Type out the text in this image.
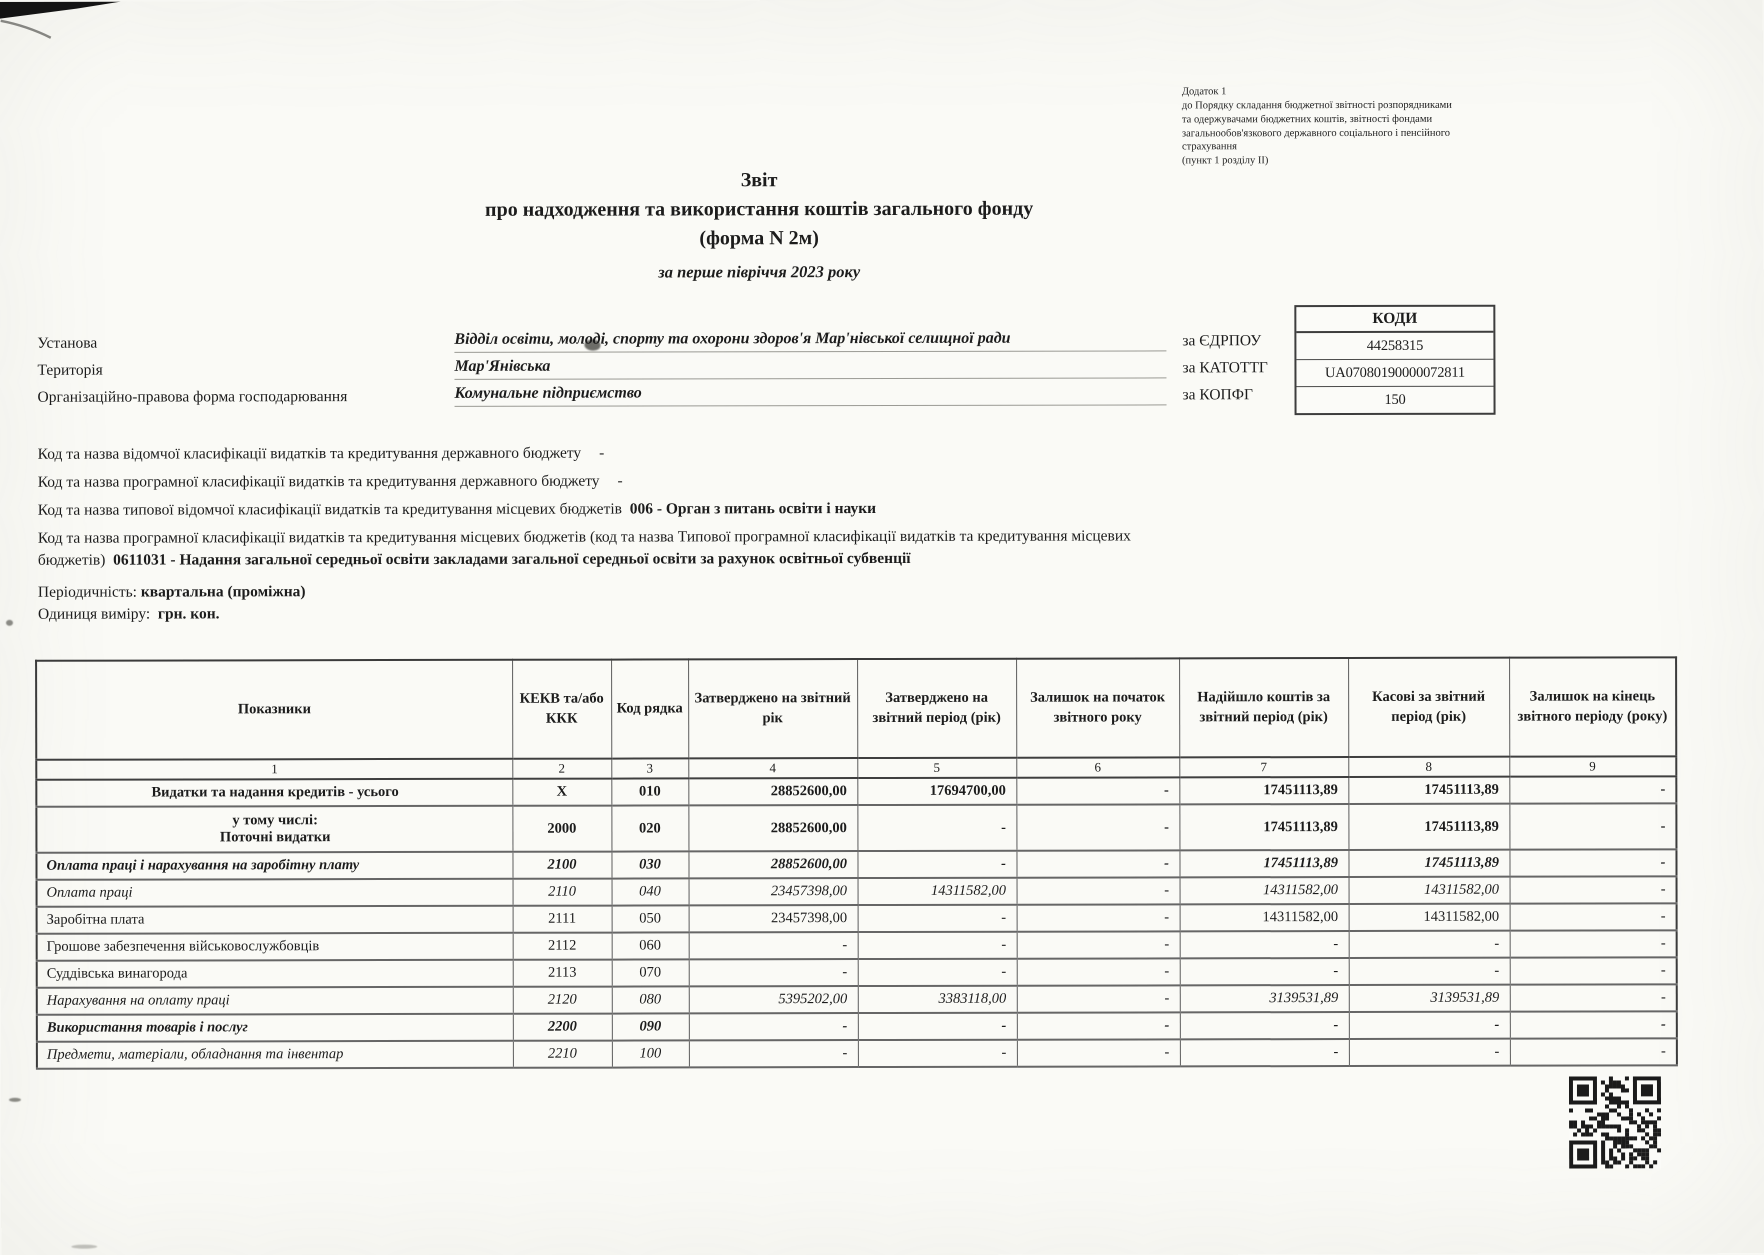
Додаток 1
до Порядку складання бюджетної звітності розпорядниками
та одержувачами бюджетних коштів, звітності фондами
загальнообов'язкового державного соціального і пенсійного
страхування
(пункт 1 розділу ІІ)
Звіт
про надходження та використання коштів загального фонду
(форма N 2м)
за перше півріччя 2023 року
Установа	Відділ освіти, молоді, спорту та охорони здоров'я Мар'нівської селищної ради	за ЄДРПОУ
Територія	Мар'Янівська	за КАТОТТГ
Організаційно-правова форма господарювання	Комунальне підприємство	за КОПФГ
КОДИ
44258315
UA07080190000072811
150

Код та назва відомчої класифікації видатків та кредитування державного бюджету -

Код та назва програмної класифікації видатків та кредитування державного бюджету -

Код та назва типової відомчої класифікації видатків та кредитування місцевих бюджетів 006 - Орган з питань освіти і науки

Код та назва програмної класифікації видатків та кредитування місцевих бюджетів (код та назва Типової програмної класифікації видатків та кредитування місцевих бюджетів) 0611031 - Надання загальної середньої освіти закладами загальної середньої освіти за рахунок освітньої субвенції

Періодичність: квартальна (проміжна)

Одиниця виміру: грн. кон.

Показники	КЕКВ та/або ККК	Код рядка	Затверджено на звітний рік	Затверджено на звітний період (рік)	Залишок на початок звітного року	Надійшло коштів за звітний період (рік)	Касові за звітний період (рік)	Залишок на кінець звітного періоду (року)
1	2	3	4	5	6	7	8	9
Видатки та надання кредитів - усього	X	010	28852600,00	17694700,00	-	17451113,89	17451113,89	-
у тому числі:
Поточні видатки	2000	020	28852600,00	-	-	17451113,89	17451113,89	-
Оплата праці і нарахування на заробітну плату	2100	030	28852600,00	-	-	17451113,89	17451113,89	-
Оплата праці	2110	040	23457398,00	14311582,00	-	14311582,00	14311582,00	-
Заробітна плата	2111	050	23457398,00	-	-	14311582,00	14311582,00	-
Грошове забезпечення військовослужбовців	2112	060	-	-	-	-	-	-
Суддівська винагорода	2113	070	-	-	-	-	-	-
Нарахування на оплату праці	2120	080	5395202,00	3383118,00	-	3139531,89	3139531,89	-
Використання товарів і послуг	2200	090	-	-	-	-	-	-
Предмети, матеріали, обладнання та інвентар	2210	100	-	-	-	-	-	-
